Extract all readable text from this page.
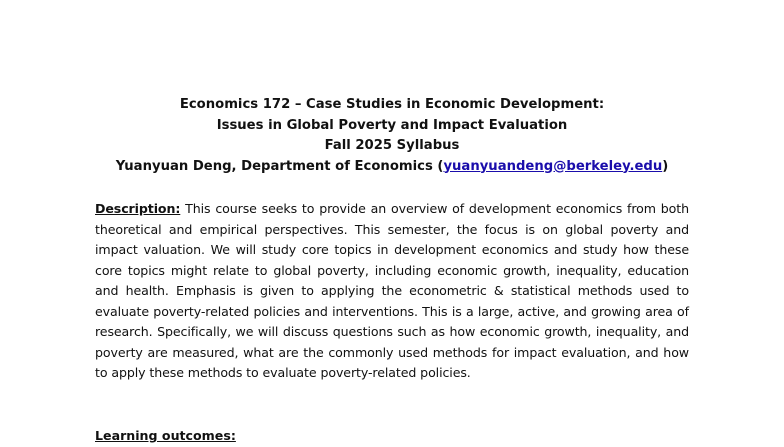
Economics 172 – Case Studies in Economic Development:
Issues in Global Poverty and Impact Evaluation
Fall 2025 Syllabus
Yuanyuan Deng, Department of Economics (yuanyuandeng@berkeley.edu)
Description: This course seeks to provide an overview of development economics from both theoretical and empirical perspectives. This semester, the focus is on global poverty and impact valuation. We will study core topics in development economics and study how these core topics might relate to global poverty, including economic growth, inequality, education and health. Emphasis is given to applying the econometric & statistical methods used to evaluate poverty-related policies and interventions. This is a large, active, and growing area of research. Specifically, we will discuss questions such as how economic growth, inequality, and poverty are measured, what are the commonly used methods for impact evaluation, and how to apply these methods to evaluate poverty-related policies.
Learning outcomes:
